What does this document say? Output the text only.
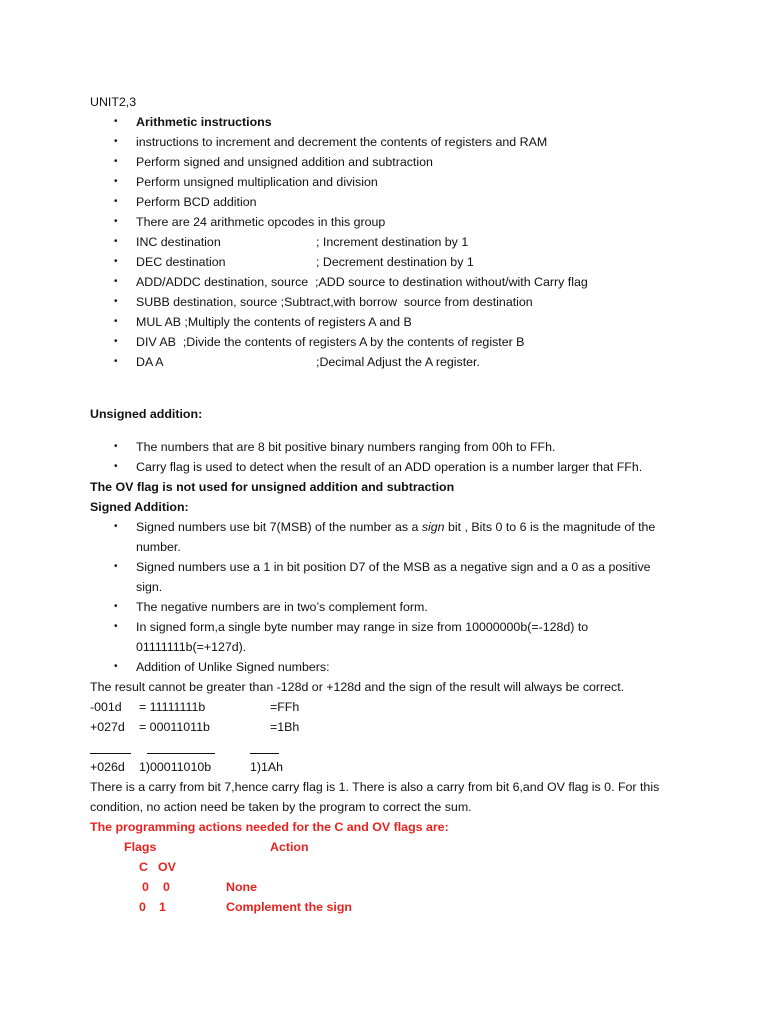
UNIT2,3
• Arithmetic instructions
• instructions to increment and decrement the contents of registers and RAM
• Perform signed and unsigned addition and subtraction
• Perform unsigned multiplication and division
• Perform BCD addition
• There are 24 arithmetic opcodes in this group
• INC destination	; Increment destination by 1
• DEC destination	; Decrement destination by 1
• ADD/ADDC destination, source  ;ADD source to destination without/with Carry flag
• SUBB destination, source ;Subtract,with borrow  source from destination
• MUL AB ;Multiply the contents of registers A and B
• DIV AB  ;Divide the contents of registers A by the contents of register B
• DA A	;Decimal Adjust the A register.
Unsigned addition:
• The numbers that are 8 bit positive binary numbers ranging from 00h to FFh.
• Carry flag is used to detect when the result of an ADD operation is a number larger that FFh.
The OV flag is not used for unsigned addition and subtraction
Signed Addition:
• Signed numbers use bit 7(MSB) of the number as a sign bit , Bits 0 to 6 is the magnitude of the
number.
• Signed numbers use a 1 in bit position D7 of the MSB as a negative sign and a 0 as a positive
sign.
• The negative numbers are in two’s complement form.
• In signed form,a single byte number may range in size from 10000000b(=-128d) to
01111111b(=+127d).
• Addition of Unlike Signed numbers:
The result cannot be greater than -128d or +128d and the sign of the result will always be correct.
-001d = 11111111b	=FFh
+027d = 00011011b	=1Bh
+026d 1)00011010b	1)1Ah
There is a carry from bit 7,hence carry flag is 1. There is also a carry from bit 6,and OV flag is 0. For this
condition, no action need be taken by the program to correct the sum.
The programming actions needed for the C and OV flags are:
Flags	Action
C OV
0 0	None
0 1	Complement the sign
